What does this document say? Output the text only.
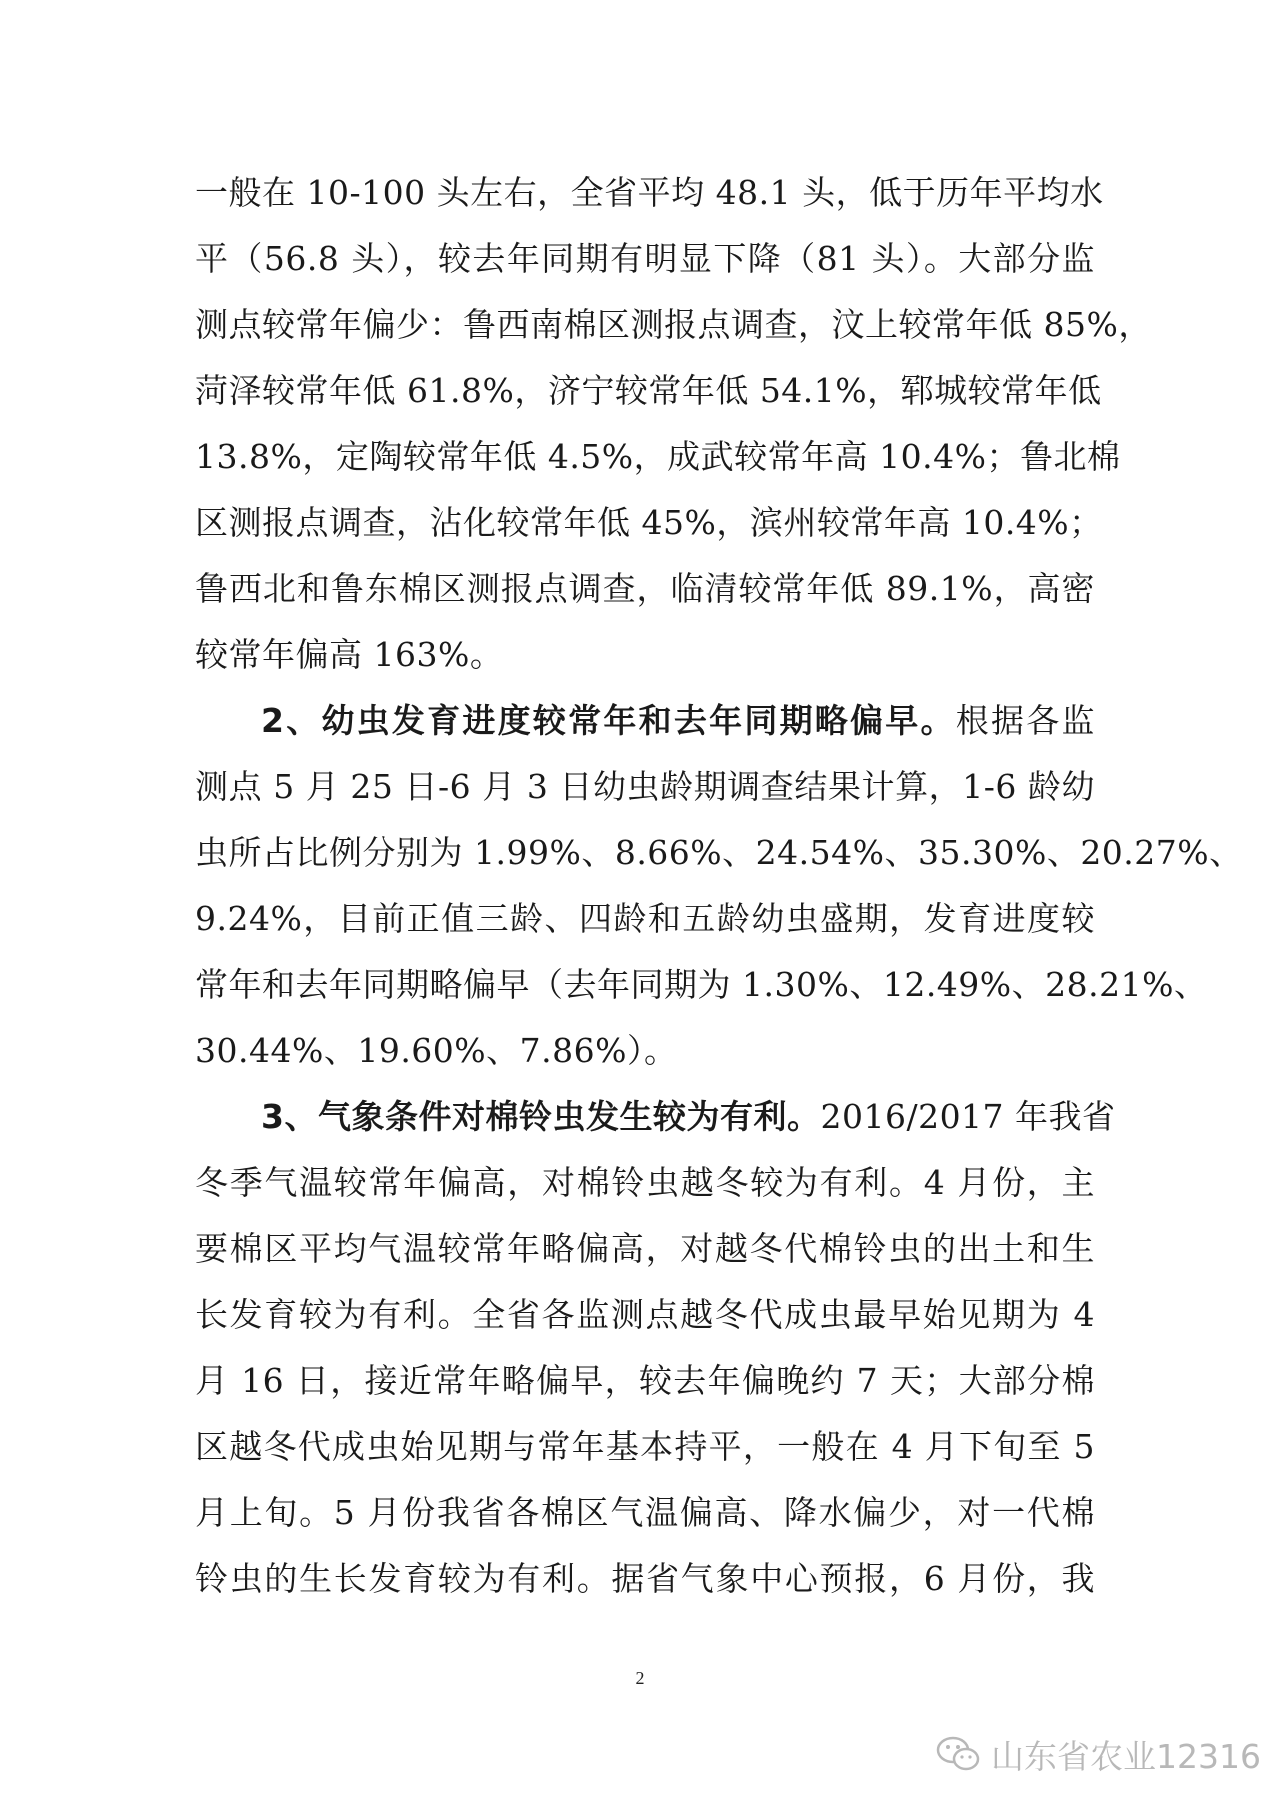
一般在 10-100 头左右，全省平均 48.1 头，低于历年平均水
平（56.8 头），较去年同期有明显下降（81 头）。大部分监
测点较常年偏少：鲁西南棉区测报点调查，汶上较常年低 85%，
菏泽较常年低 61.8%，济宁较常年低 54.1%，郓城较常年低
13.8%，定陶较常年低 4.5%，成武较常年高 10.4%；鲁北棉
区测报点调查，沾化较常年低 45%，滨州较常年高 10.4%；
鲁西北和鲁东棉区测报点调查，临清较常年低 89.1%，高密
较常年偏高 163%。
2、幼虫发育进度较常年和去年同期略偏早。根据各监
测点 5 月 25 日-6 月 3 日幼虫龄期调查结果计算，1-6 龄幼
虫所占比例分别为 1.99%、8.66%、24.54%、35.30%、20.27%、
9.24%，目前正值三龄、四龄和五龄幼虫盛期，发育进度较
常年和去年同期略偏早（去年同期为 1.30%、12.49%、28.21%、
30.44%、19.60%、7.86%）。
3、气象条件对棉铃虫发生较为有利。2016/2017 年我省
冬季气温较常年偏高，对棉铃虫越冬较为有利。4 月份，主
要棉区平均气温较常年略偏高，对越冬代棉铃虫的出土和生
长发育较为有利。全省各监测点越冬代成虫最早始见期为 4
月 16 日，接近常年略偏早，较去年偏晚约 7 天；大部分棉
区越冬代成虫始见期与常年基本持平，一般在 4 月下旬至 5
月上旬。5 月份我省各棉区气温偏高、降水偏少，对一代棉
铃虫的生长发育较为有利。据省气象中心预报，6 月份，我
2
山东省农业12316
